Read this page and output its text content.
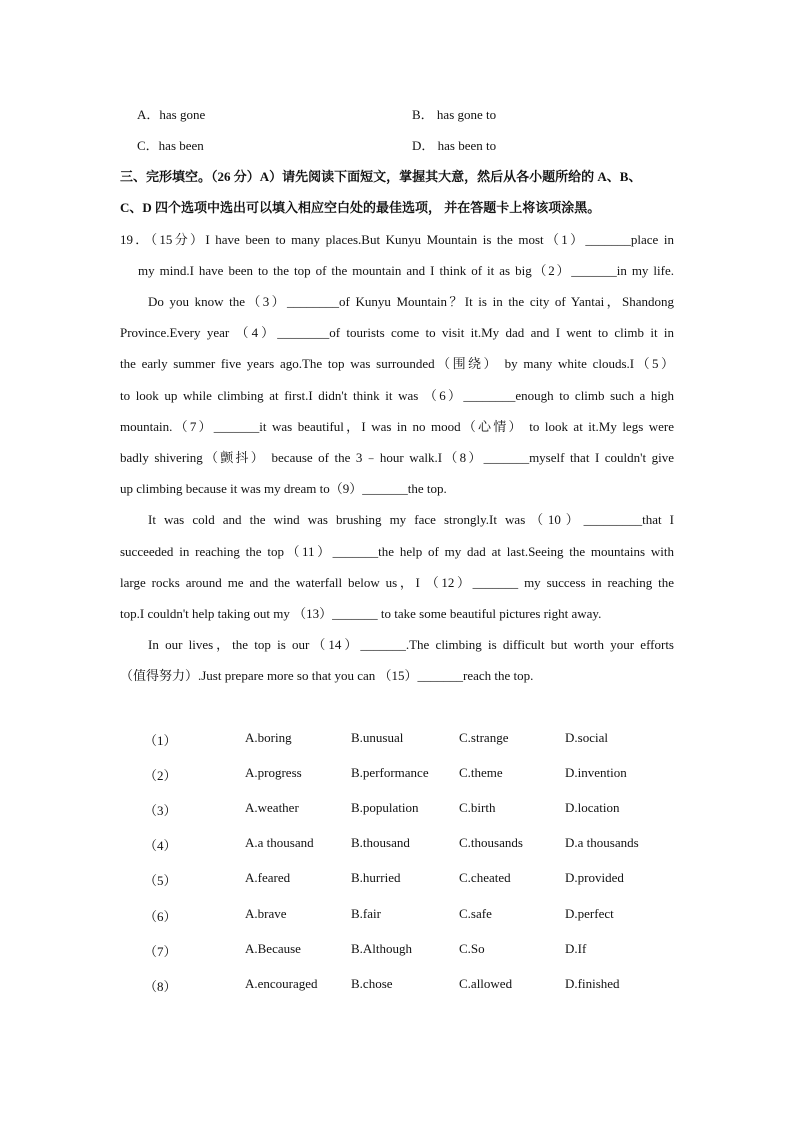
A．has gone	B． has gone to
C．has been	D． has been to
三、完形填空。（26 分）A）请先阅读下面短文，掌握其大意，然后从各小题所给的 A、B、
C、D 四个选项中选出可以填入相应空白处的最佳选项， 并在答题卡上将该项涂黑。
19．（15分）I have been to many places.But Kunyu Mountain is the most（1）_______place in
my mind.I have been to the top of the mountain and I think of it as big（2）_______in my life.
Do you know the（3）________of Kunyu Mountain？It is in the city of Yantai，Shandong
Province.Every year （4）________of tourists come to visit it.My dad and I went to climb it in
the early summer five years ago.The top was surrounded（围绕） by many white clouds.I（5）
to look up while climbing at first.I didn't think it was （6）________enough to climb such a high
mountain.（7）_______it was beautiful，I was in no mood（心情） to look at it.My legs were
badly shivering（颤抖） because of the 3﹣hour walk.I（8）_______myself that I couldn't give
up climbing because it was my dream to（9）_______the top.
It was cold and the wind was brushing my face strongly.It was（10）_________that I
succeeded in reaching the top（11）_______the help of my dad at last.Seeing the mountains with
large rocks around me and the waterfall below us，I （12）_______ my success in reaching the
top.I couldn't help taking out my （13）_______ to take some beautiful pictures right away.
In our lives，the top is our（14）_______.The climbing is difficult but worth your efforts
（值得努力）.Just prepare more so that you can （15）_______reach the top.
（1）	A.boring	B.unusual	C.strange	D.social
（2）	A.progress	B.performance C.theme	D.invention
（3）	A.weather	B.population	C.birth	D.location
（4）	A.a thousand	B.thousand	C.thousands	D.a thousands
（5）	A.feared	B.hurried	C.cheated	D.provided
（6）	A.brave	B.fair	C.safe	D.perfect
（7）	A.Because	B.Although	C.So	D.If
（8）	A.encouraged	B.chose	C.allowed	D.finished
